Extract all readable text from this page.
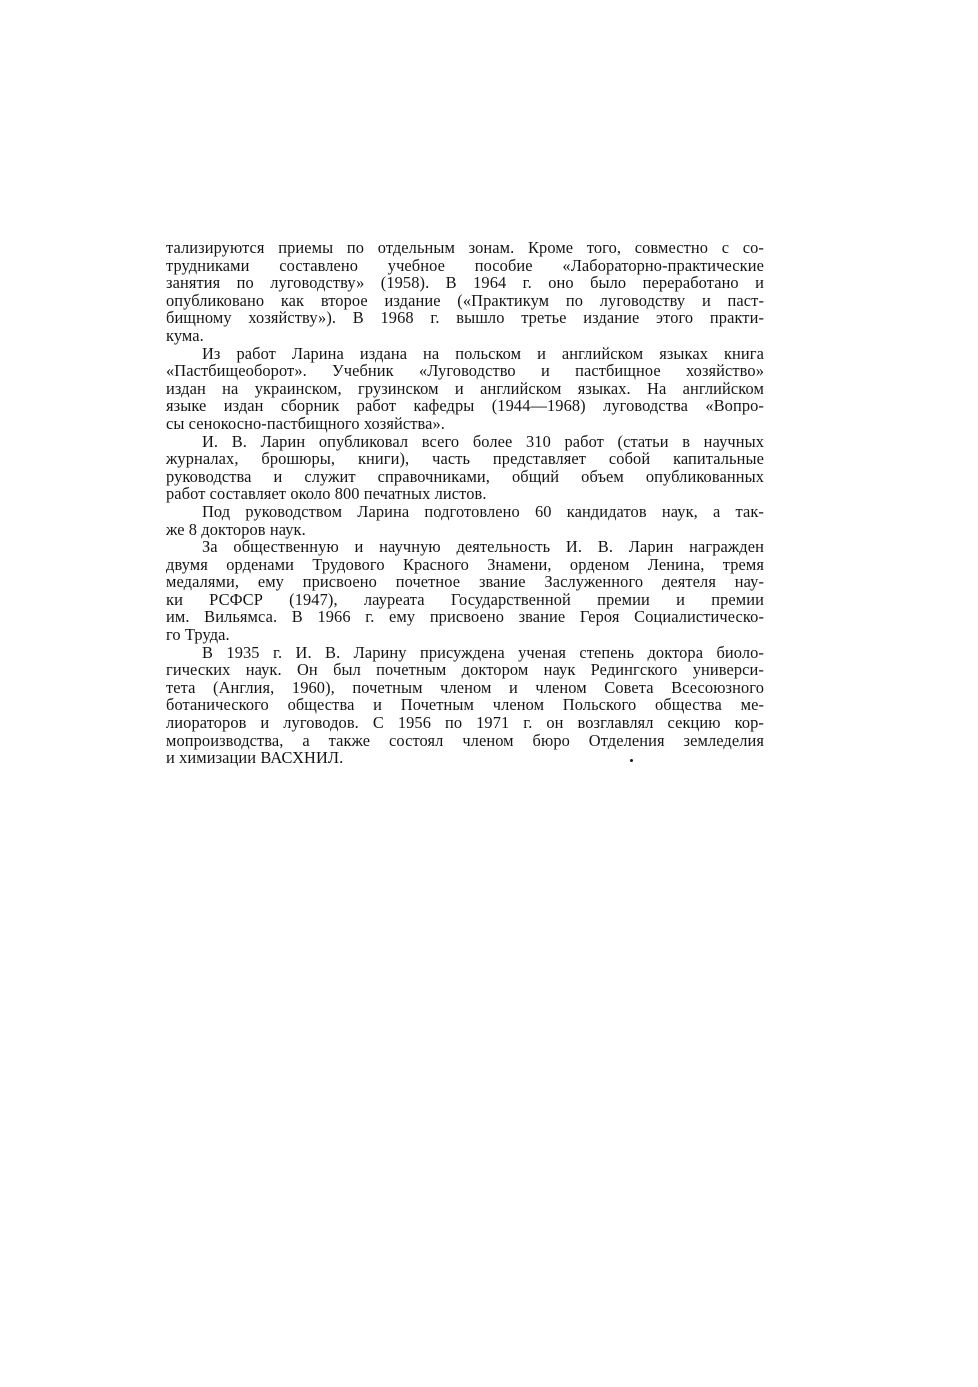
тализируются приемы по отдельным зонам. Кроме того, совместно с со-
трудниками составлено учебное пособие «Лабораторно-практические
занятия по луговодству» (1958). В 1964 г. оно было переработано и
опубликовано как второе издание («Практикум по луговодству и паст-
бищному хозяйству»). В 1968 г. вышло третье издание этого практи-
кума.
Из работ Ларина издана на польском и английском языках книга
«Пастбищеоборот». Учебник «Луговодство и пастбищное хозяйство»
издан на украинском, грузинском и английском языках. На английском
языке издан сборник работ кафедры (1944—1968) луговодства «Вопро-
сы сенокосно-пастбищного хозяйства».
И. В. Ларин опубликовал всего более 310 работ (статьи в научных
журналах, брошюры, книги), часть представляет собой капитальные
руководства и служит справочниками, общий объем опубликованных
работ составляет около 800 печатных листов.
Под руководством Ларина подготовлено 60 кандидатов наук, а так-
же 8 докторов наук.
За общественную и научную деятельность И. В. Ларин награжден
двумя орденами Трудового Красного Знамени, орденом Ленина, тремя
медалями, ему присвоено почетное звание Заслуженного деятеля нау-
ки РСФСР (1947), лауреата Государственной премии и премии
им. Вильямса. В 1966 г. ему присвоено звание Героя Социалистическо-
го Труда.
В 1935 г. И. В. Ларину присуждена ученая степень доктора биоло-
гических наук. Он был почетным доктором наук Редингского универси-
тета (Англия, 1960), почетным членом и членом Совета Всесоюзного
ботанического общества и Почетным членом Польского общества ме-
лиораторов и луговодов. С 1956 по 1971 г. он возглавлял секцию кор-
мопроизводства, а также состоял членом бюро Отделения земледелия
и химизации ВАСХНИЛ.
